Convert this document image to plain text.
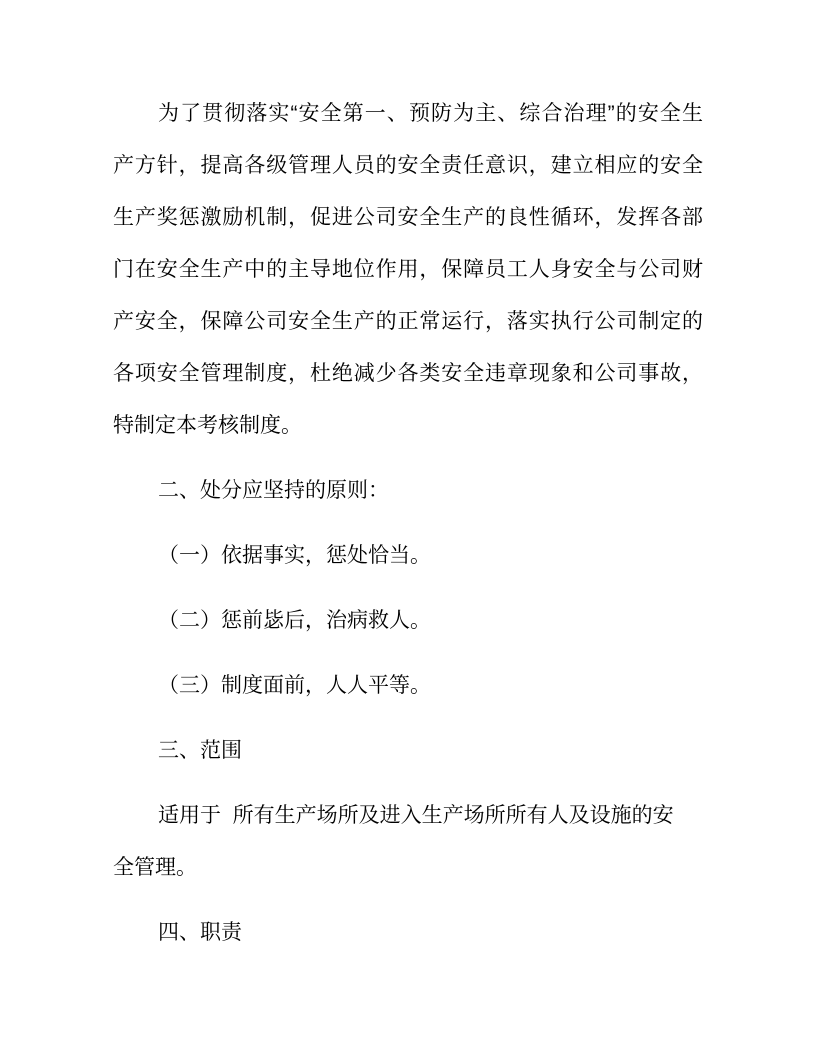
为了贯彻落实“安全第一、预防为主、综合治理”的安全生
产方针，提高各级管理人员的安全责任意识，建立相应的安全
生产奖惩激励机制，促进公司安全生产的良性循环，发挥各部
门在安全生产中的主导地位作用，保障员工人身安全与公司财
产安全，保障公司安全生产的正常运行，落实执行公司制定的
各项安全管理制度，杜绝减少各类安全违章现象和公司事故，
特制定本考核制度。
二、处分应坚持的原则：
（一）依据事实，惩处恰当。
（二）惩前毖后，治病救人。
（三）制度面前，人人平等。
三、范围
适用于  所有生产场所及进入生产场所所有人及设施的安
全管理。
四、职责
